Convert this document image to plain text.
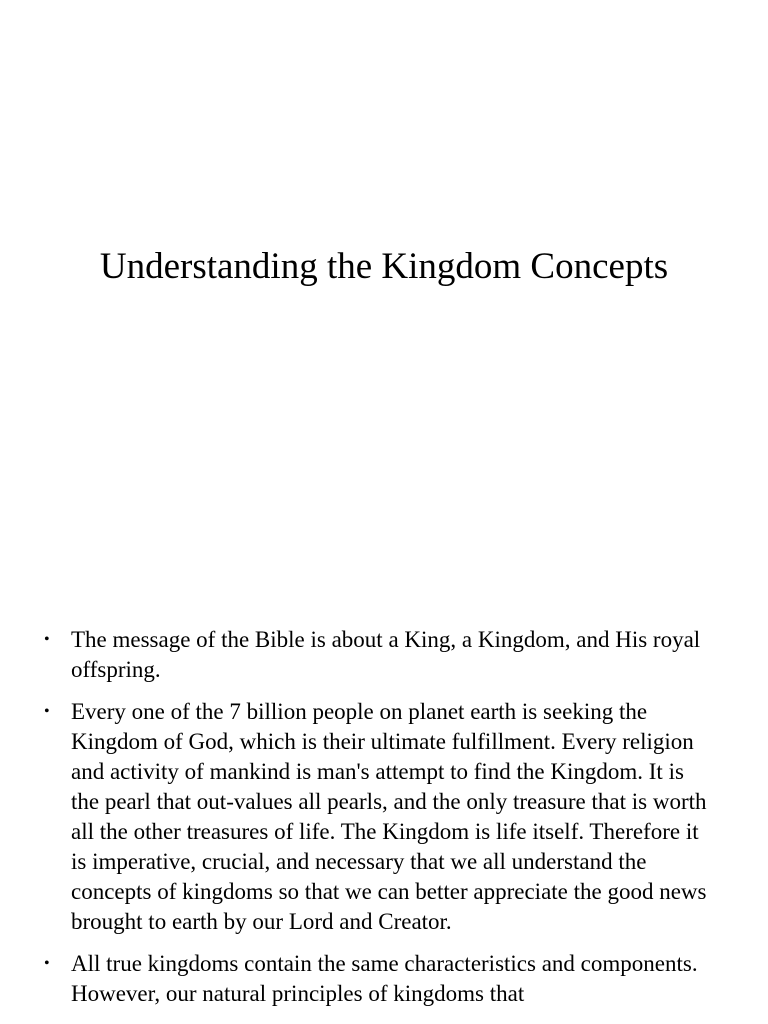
Understanding the Kingdom Concepts
• The message of the Bible is about a King, a Kingdom, and His royal offspring.
• Every one of the 7 billion people on planet earth is seeking the Kingdom of God, which is their ultimate fulfillment. Every religion and activity of mankind is man's attempt to find the Kingdom. It is the pearl that out-values all pearls, and the only treasure that is worth all the other treasures of life. The Kingdom is life itself. Therefore it is imperative, crucial, and necessary that we all understand the concepts of kingdoms so that we can better appreciate the good news brought to earth by our Lord and Creator.
• All true kingdoms contain the same characteristics and components. However, our natural principles of kingdoms that
